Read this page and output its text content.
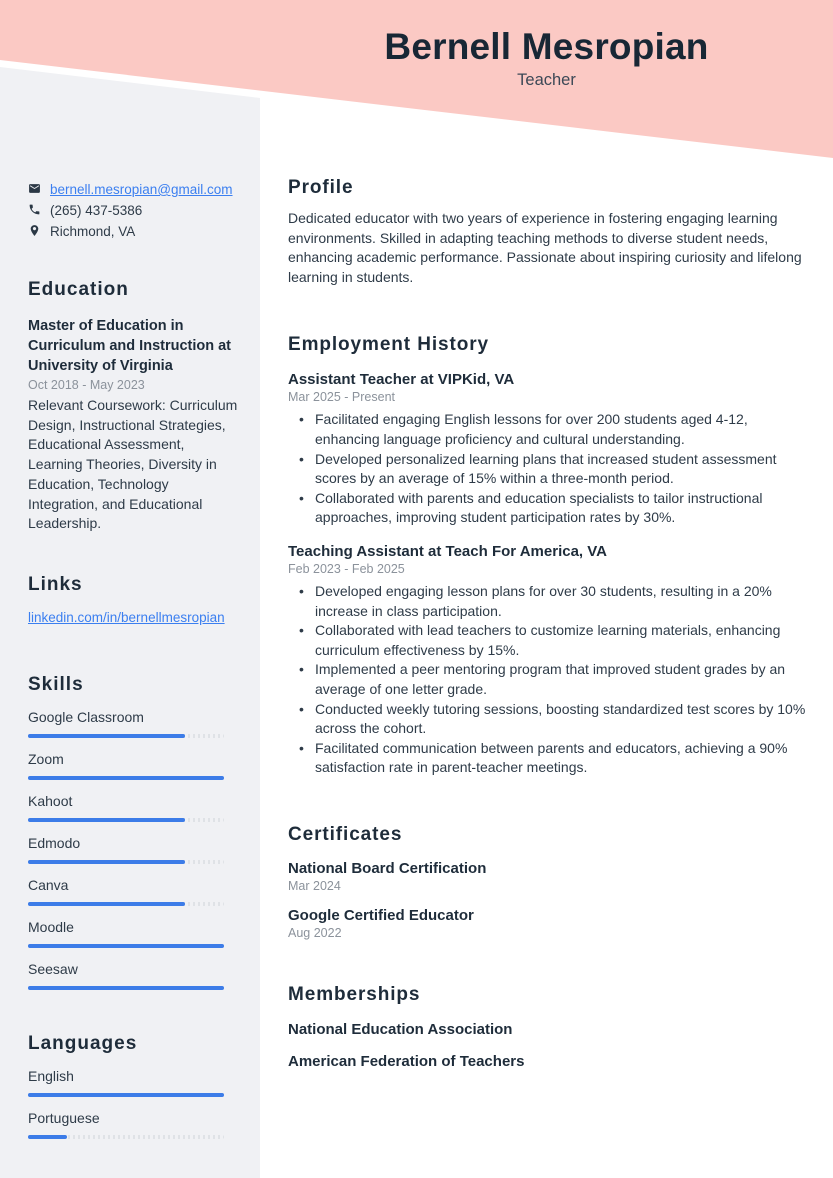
Bernell Mesropian
Teacher
bernell.mesropian@gmail.com
(265) 437-5386
Richmond, VA
Education
Master of Education in Curriculum and Instruction at University of Virginia
Oct 2018 - May 2023
Relevant Coursework: Curriculum Design, Instructional Strategies, Educational Assessment, Learning Theories, Diversity in Education, Technology Integration, and Educational Leadership.
Links
linkedin.com/in/bernellmesropian
Skills
Google Classroom
Zoom
Kahoot
Edmodo
Canva
Moodle
Seesaw
Languages
English
Portuguese
Profile

Dedicated educator with two years of experience in fostering engaging learning environments. Skilled in adapting teaching methods to diverse student needs, enhancing academic performance. Passionate about inspiring curiosity and lifelong learning in students.

Employment History
Assistant Teacher at VIPKid, VA
Mar 2025 - Present
• Facilitated engaging English lessons for over 200 students aged 4-12, enhancing language proficiency and cultural understanding.
• Developed personalized learning plans that increased student assessment scores by an average of 15% within a three-month period.
• Collaborated with parents and education specialists to tailor instructional approaches, improving student participation rates by 30%.
Teaching Assistant at Teach For America, VA
Feb 2023 - Feb 2025
• Developed engaging lesson plans for over 30 students, resulting in a 20% increase in class participation.
• Collaborated with lead teachers to customize learning materials, enhancing curriculum effectiveness by 15%.
• Implemented a peer mentoring program that improved student grades by an average of one letter grade.
• Conducted weekly tutoring sessions, boosting standardized test scores by 10% across the cohort.
• Facilitated communication between parents and educators, achieving a 90% satisfaction rate in parent-teacher meetings.
Certificates
National Board Certification
Mar 2024
Google Certified Educator
Aug 2022
Memberships
National Education Association
American Federation of Teachers
